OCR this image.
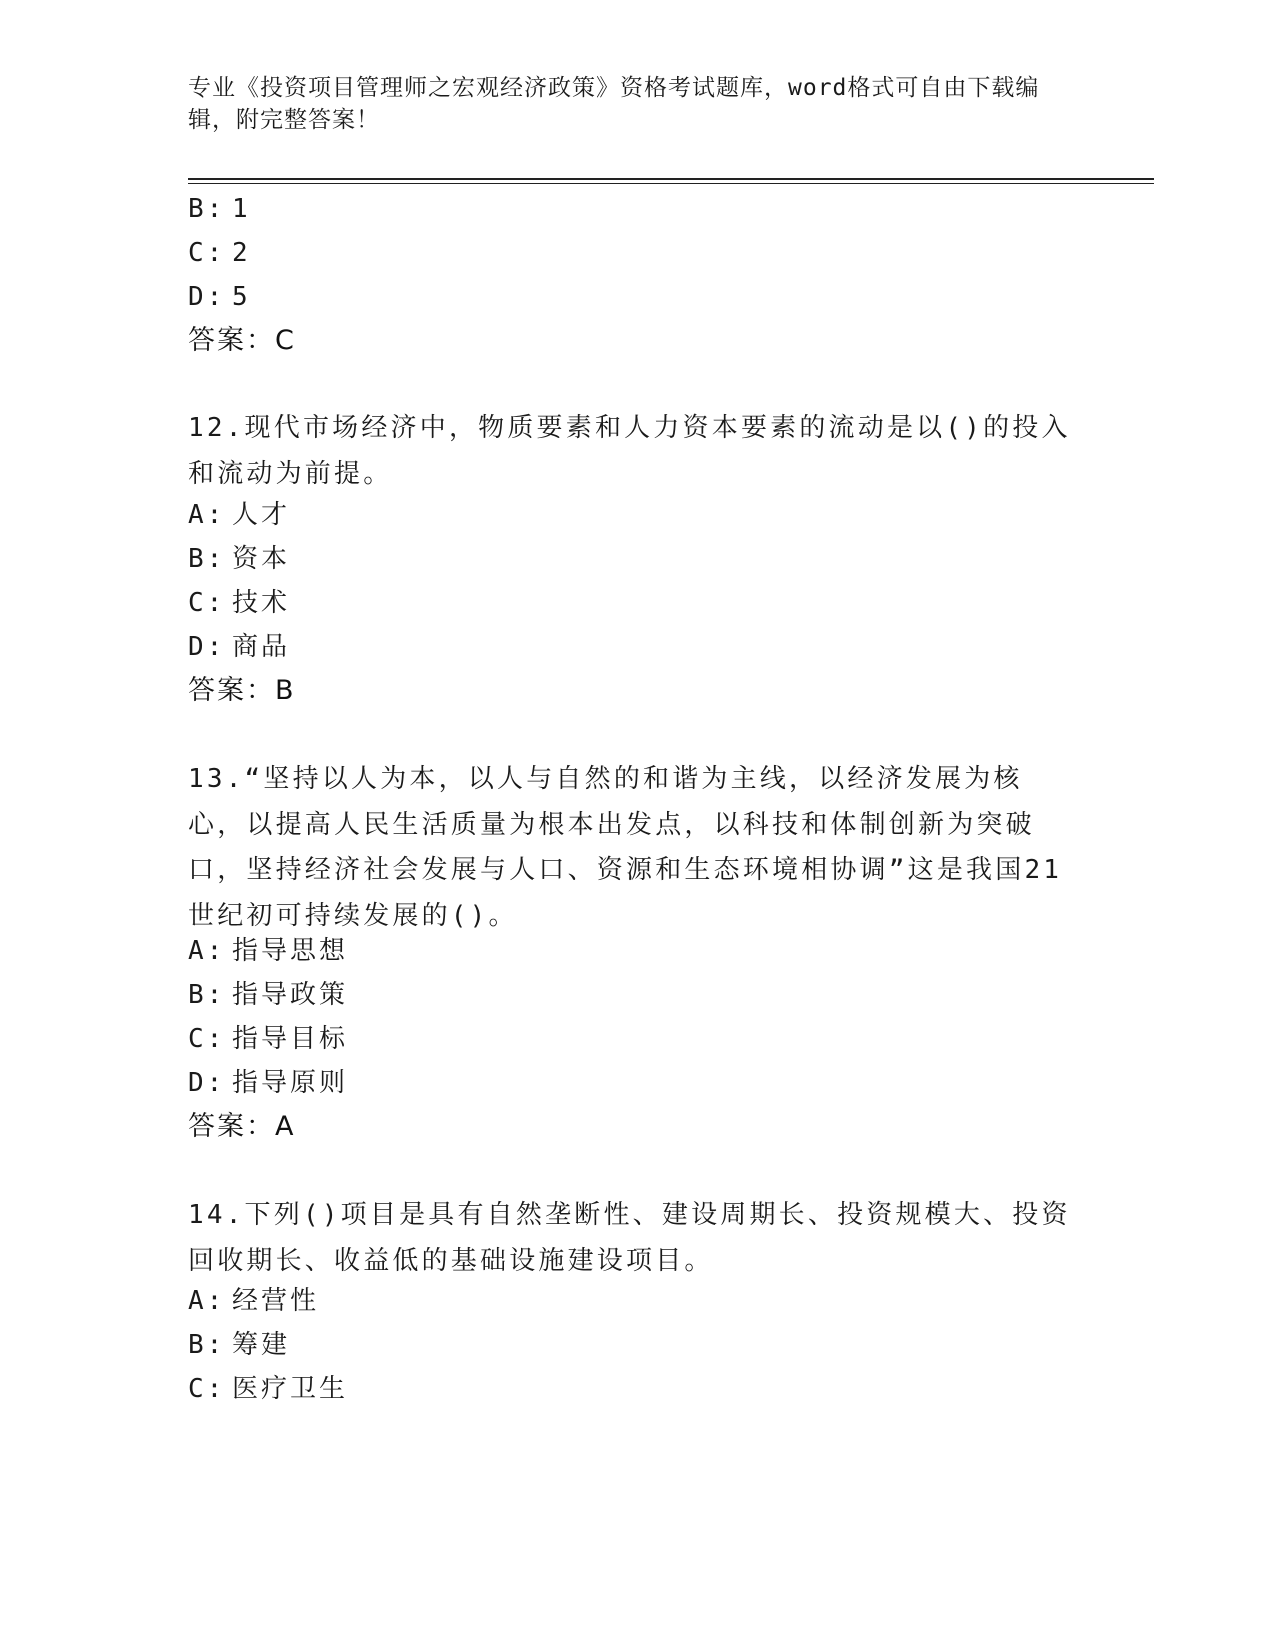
专业《投资项目管理师之宏观经济政策》资格考试题库，word格式可自由下载编辑，附完整答案！
B: 1
C: 2
D: 5
答案：C
12.现代市场经济中，物质要素和人力资本要素的流动是以()的投入和流动为前提。
A: 人才
B: 资本
C: 技术
D: 商品
答案：B
13.“坚持以人为本，以人与自然的和谐为主线，以经济发展为核心，以提高人民生活质量为根本出发点，以科技和体制创新为突破口，坚持经济社会发展与人口、资源和生态环境相协调”这是我国21世纪初可持续发展的()。
A: 指导思想
B: 指导政策
C: 指导目标
D: 指导原则
答案：A
14.下列()项目是具有自然垄断性、建设周期长、投资规模大、投资回收期长、收益低的基础设施建设项目。
A: 经营性
B: 筹建
C: 医疗卫生
